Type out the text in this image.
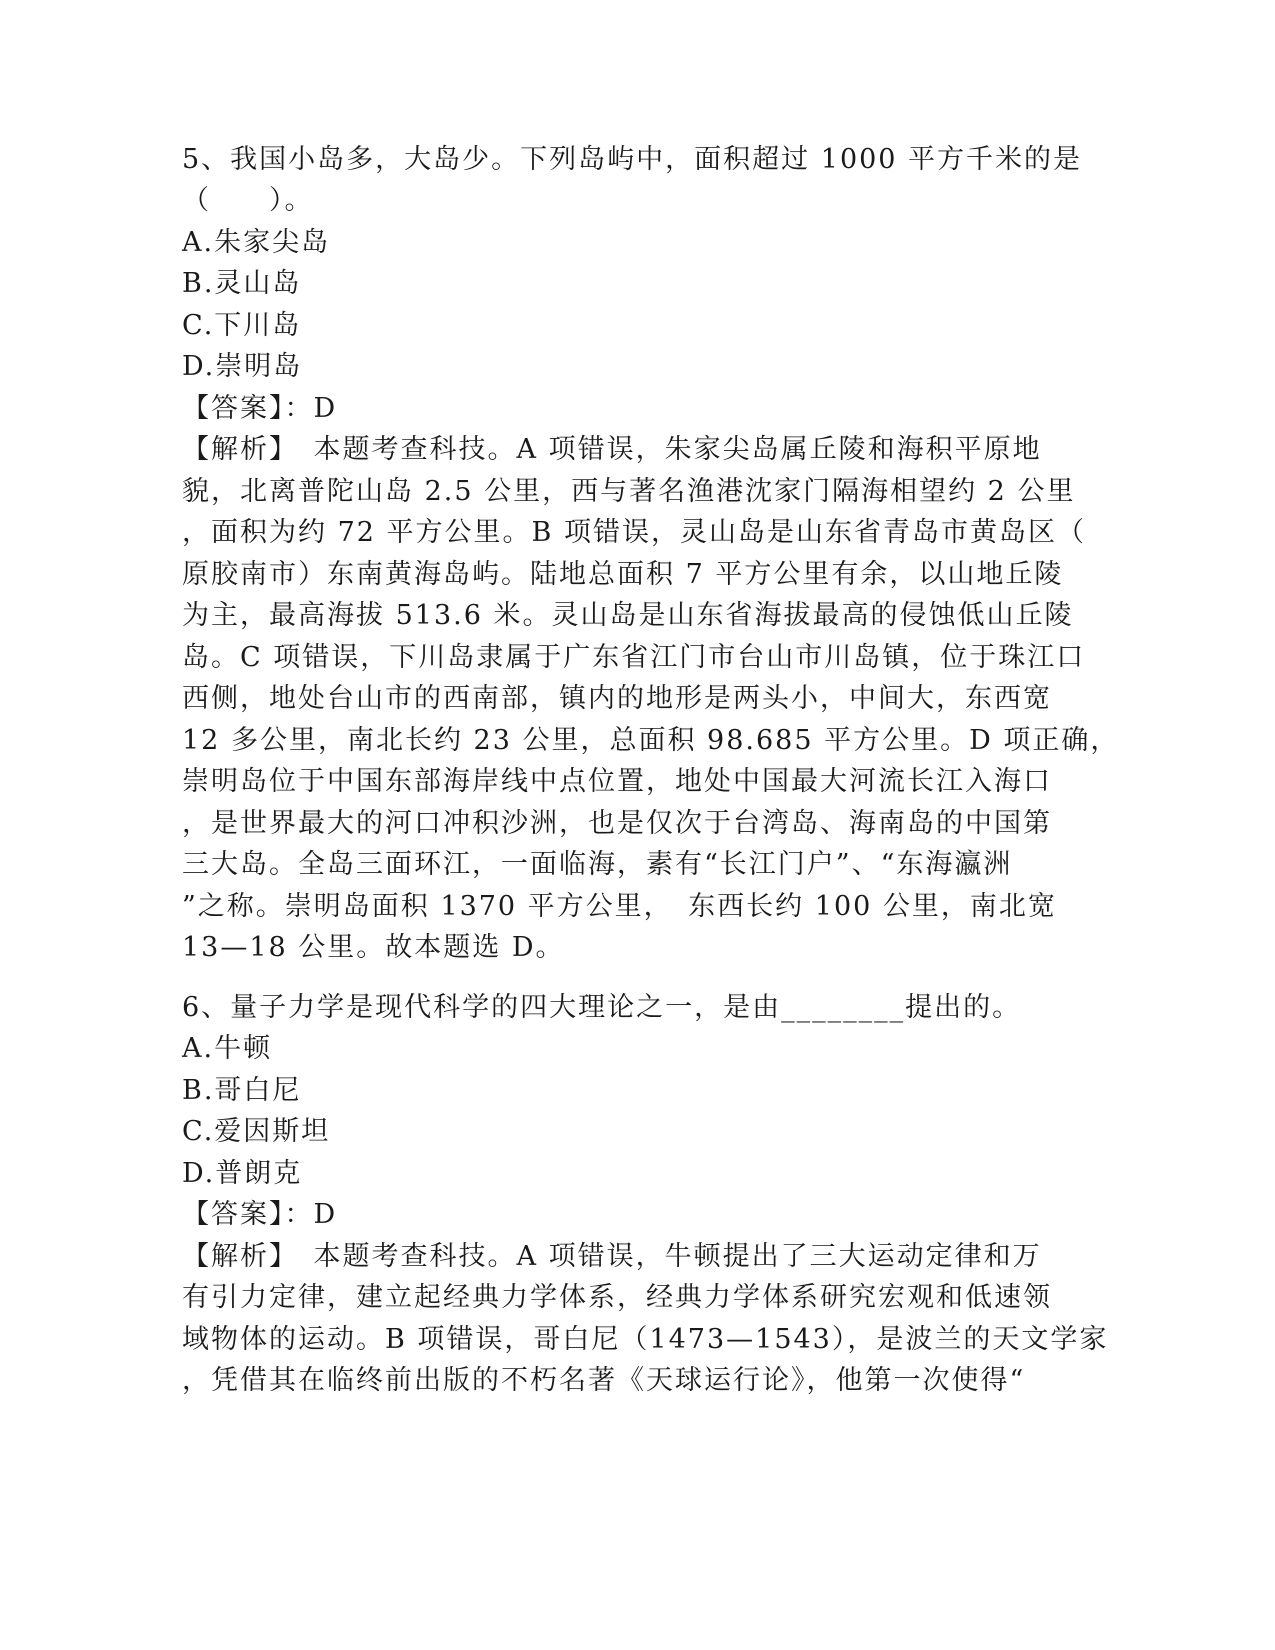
5、我国小岛多，大岛少。下列岛屿中，面积超过 1000 平方千米的是
（　　）。
A.朱家尖岛
B.灵山岛
C.下川岛
D.崇明岛
【答案】：D
【解析】　本题考查科技。A 项错误，朱家尖岛属丘陵和海积平原地
貌，北离普陀山岛 2.5 公里，西与著名渔港沈家门隔海相望约 2 公里
，面积为约 72 平方公里。B 项错误，灵山岛是山东省青岛市黄岛区（
原胶南市）东南黄海岛屿。陆地总面积 7 平方公里有余，以山地丘陵
为主，最高海拔 513.6 米。灵山岛是山东省海拔最高的侵蚀低山丘陵
岛。C 项错误，下川岛隶属于广东省江门市台山市川岛镇，位于珠江口
西侧，地处台山市的西南部，镇内的地形是两头小，中间大，东西宽
12 多公里，南北长约 23 公里，总面积 98.685 平方公里。D 项正确，
崇明岛位于中国东部海岸线中点位置，地处中国最大河流长江入海口
，是世界最大的河口冲积沙洲，也是仅次于台湾岛、海南岛的中国第
三大岛。全岛三面环江，一面临海，素有“长江门户”、“东海瀛洲
”之称。崇明岛面积 1370 平方公里，　东西长约 100 公里，南北宽
13—18 公里。故本题选 D。
6、量子力学是现代科学的四大理论之一，是由________提出的。
A.牛顿
B.哥白尼
C.爱因斯坦
D.普朗克
【答案】：D
【解析】　本题考查科技。A 项错误，牛顿提出了三大运动定律和万
有引力定律，建立起经典力学体系，经典力学体系研究宏观和低速领
域物体的运动。B 项错误，哥白尼（1473—1543），是波兰的天文学家
，凭借其在临终前出版的不朽名著《天球运行论》，他第一次使得“
